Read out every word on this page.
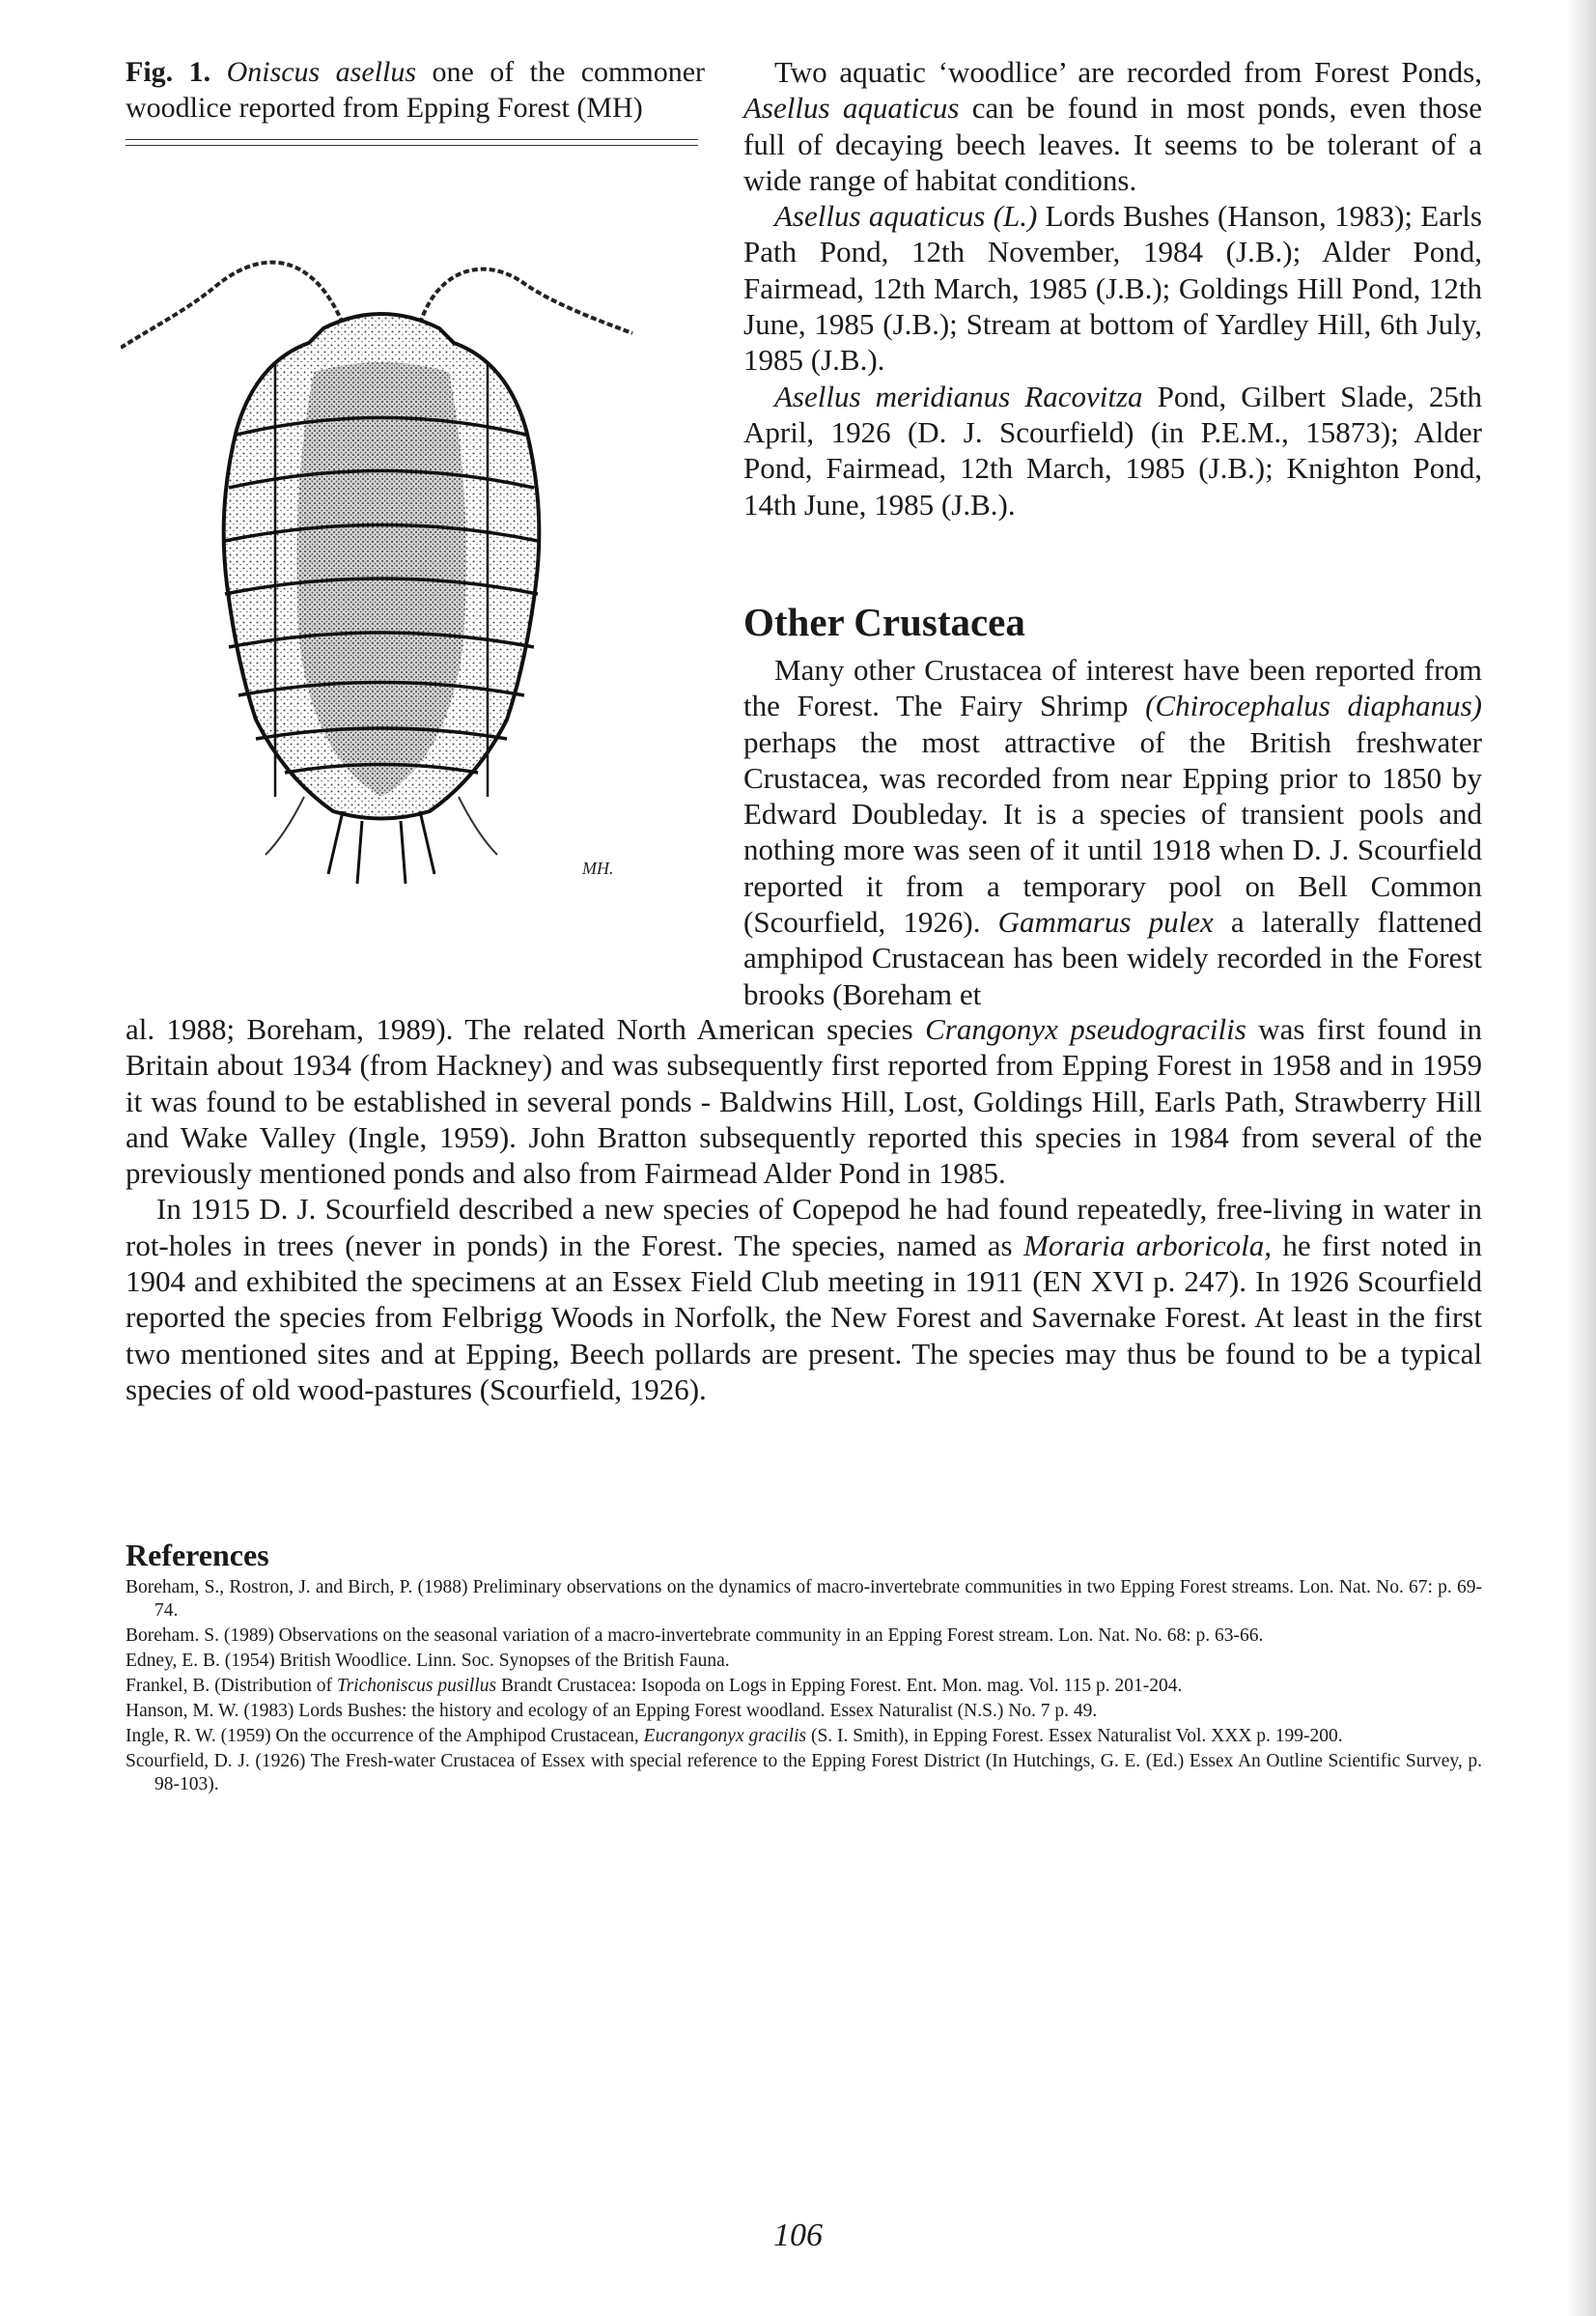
Fig. 1. Oniscus asellus one of the commoner woodlice reported from Epping Forest (MH)

MH.

Two aquatic ‘woodlice’ are recorded from Forest Ponds, Asellus aquaticus can be found in most ponds, even those full of decaying beech leaves. It seems to be tolerant of a wide range of habitat conditions.

Asellus aquaticus (L.) Lords Bushes (Hanson, 1983); Earls Path Pond, 12th November, 1984 (J.B.); Alder Pond, Fairmead, 12th March, 1985 (J.B.); Goldings Hill Pond, 12th June, 1985 (J.B.); Stream at bottom of Yardley Hill, 6th July, 1985 (J.B.).

Asellus meridianus Racovitza Pond, Gilbert Slade, 25th April, 1926 (D. J. Scourfield) (in P.E.M., 15873); Alder Pond, Fairmead, 12th March, 1985 (J.B.); Knighton Pond, 14th June, 1985 (J.B.).

Other Crustacea

Many other Crustacea of interest have been reported from the Forest. The Fairy Shrimp (Chirocephalus diaphanus) perhaps the most attractive of the British freshwater Crustacea, was recorded from near Epping prior to 1850 by Edward Doubleday. It is a species of transient pools and nothing more was seen of it until 1918 when D. J. Scourfield reported it from a temporary pool on Bell Common (Scourfield, 1926). Gammarus pulex a laterally flattened amphipod Crustacean has been widely recorded in the Forest brooks (Boreham et

al. 1988; Boreham, 1989). The related North American species Crangonyx pseudogracilis was first found in Britain about 1934 (from Hackney) and was subsequently first reported from Epping Forest in 1958 and in 1959 it was found to be established in several ponds - Baldwins Hill, Lost, Goldings Hill, Earls Path, Strawberry Hill and Wake Valley (Ingle, 1959). John Bratton subsequently reported this species in 1984 from several of the previously mentioned ponds and also from Fairmead Alder Pond in 1985.

In 1915 D. J. Scourfield described a new species of Copepod he had found repeatedly, free-living in water in rot-holes in trees (never in ponds) in the Forest. The species, named as Moraria arboricola, he first noted in 1904 and exhibited the specimens at an Essex Field Club meeting in 1911 (EN XVI p. 247). In 1926 Scourfield reported the species from Felbrigg Woods in Norfolk, the New Forest and Savernake Forest. At least in the first two mentioned sites and at Epping, Beech pollards are present. The species may thus be found to be a typical species of old wood-pastures (Scourfield, 1926).

References

Boreham, S., Rostron, J. and Birch, P. (1988) Preliminary observations on the dynamics of macro-invertebrate communities in two Epping Forest streams. Lon. Nat. No. 67: p. 69-74.

Boreham. S. (1989) Observations on the seasonal variation of a macro-invertebrate community in an Epping Forest stream. Lon. Nat. No. 68: p. 63-66.

Edney, E. B. (1954) British Woodlice. Linn. Soc. Synopses of the British Fauna.

Frankel, B. (Distribution of Trichoniscus pusillus Brandt Crustacea: Isopoda on Logs in Epping Forest. Ent. Mon. mag. Vol. 115 p. 201-204.

Hanson, M. W. (1983) Lords Bushes: the history and ecology of an Epping Forest woodland. Essex Naturalist (N.S.) No. 7 p. 49.

Ingle, R. W. (1959) On the occurrence of the Amphipod Crustacean, Eucrangonyx gracilis (S. I. Smith), in Epping Forest. Essex Naturalist Vol. XXX p. 199-200.

Scourfield, D. J. (1926) The Fresh-water Crustacea of Essex with special reference to the Epping Forest District (In Hutchings, G. E. (Ed.) Essex An Outline Scientific Survey, p. 98-103).

106
